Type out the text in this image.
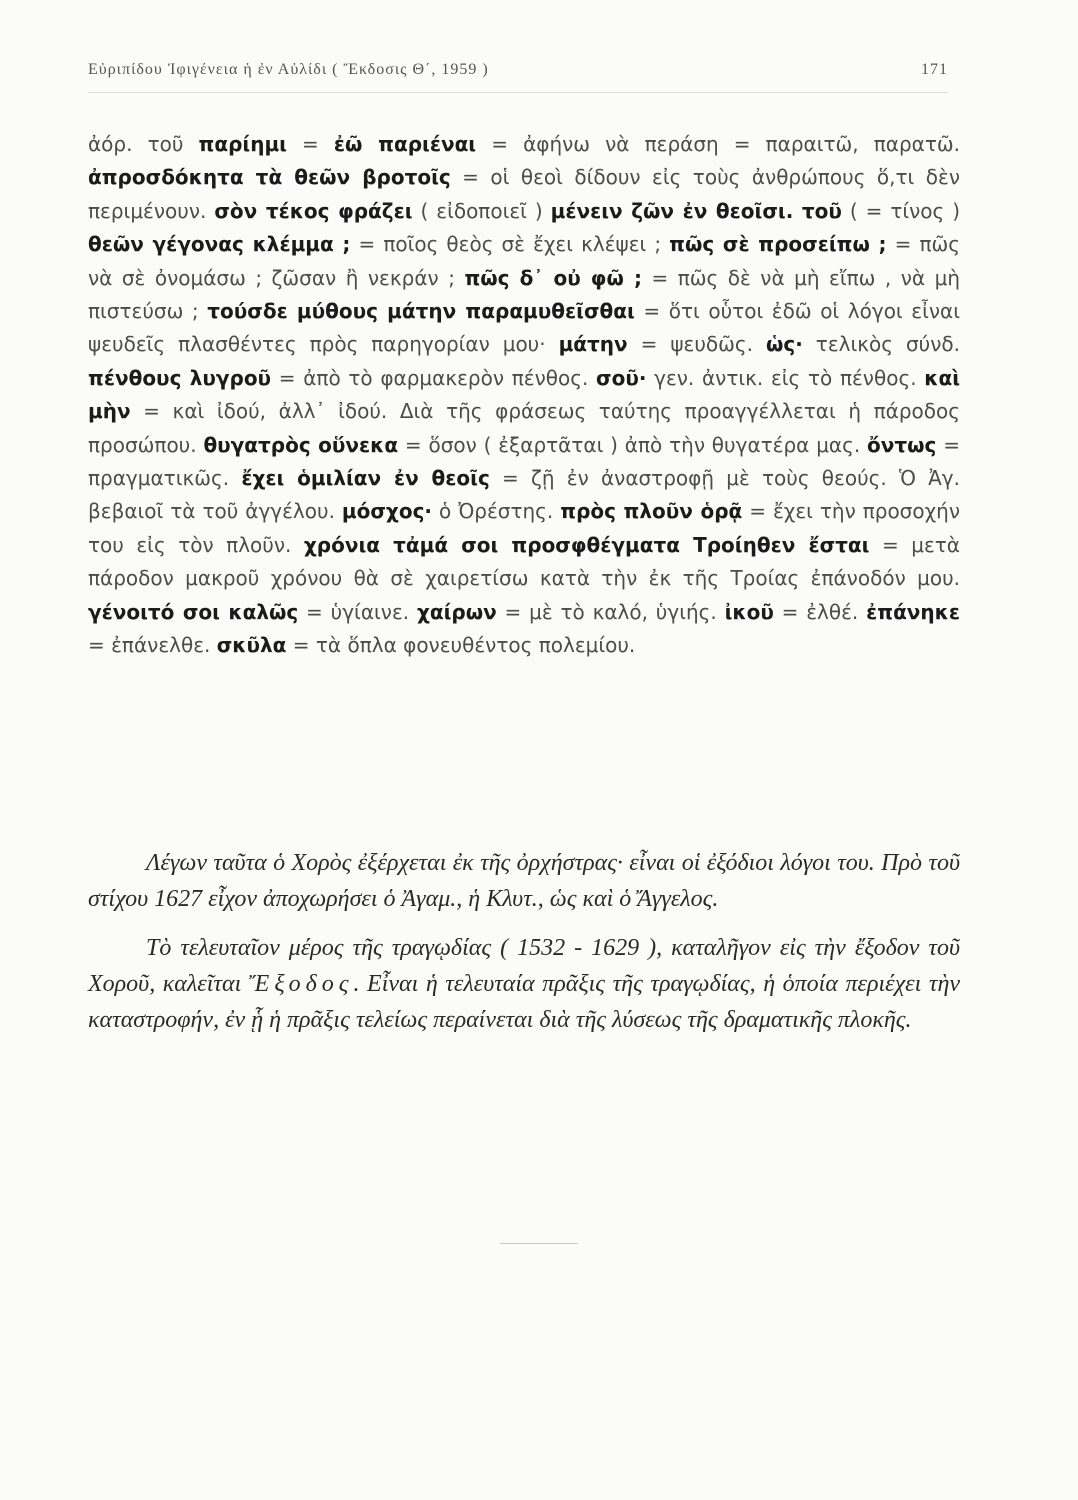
Εὐριπίδου Ἰφιγένεια ἡ ἐν Αὐλίδι ( Ἔκδοσις Θ΄, 1959 )	171
ἀόρ. τοῦ παρίημι = ἐῶ παριέναι = ἀφήνω νὰ περάση = παραιτῶ, παρατῶ. ἀπροσδόκητα τὰ θεῶν βροτοῖς = οἱ θεοὶ δίδουν εἰς τοὺς ἀνθρώπους ὅ,τι δὲν περιμένουν. σὸν τέκος φράζει ( εἰδοποιεῖ ) μένειν ζῶν ἐν θεοῖσι. τοῦ ( = τίνος ) θεῶν γέγονας κλέμμα ; = ποῖος θεὸς σὲ ἔχει κλέψει ; πῶς σὲ προσείπω ; = πῶς νὰ σὲ ὀνομάσω ; ζῶσαν ἢ νεκράν ; πῶς δ᾽ οὐ φῶ ; = πῶς δὲ νὰ μὴ εἴπω , νὰ μὴ πιστεύσω ; τούσδε μύθους μάτην παραμυθεῖσθαι = ὅτι οὗτοι ἐδῶ οἱ λόγοι εἶναι ψευδεῖς πλασθέντες πρὸς παρηγορίαν μου· μάτην = ψευδῶς. ὡς· τελικὸς σύνδ. πένθους λυγροῦ = ἀπὸ τὸ φαρμακερὸν πένθος. σοῦ· γεν. ἀντικ. εἰς τὸ πένθος. καὶ μὴν = καὶ ἰδού, ἀλλ᾽ ἰδού. Διὰ τῆς φράσεως ταύτης προαγγέλλεται ἡ πάροδος προσώπου. θυγατρὸς οὕνεκα = ὅσον ( ἐξαρτᾶται ) ἀπὸ τὴν θυγατέρα μας. ὄντως = πραγματικῶς. ἔχει ὁμιλίαν ἐν θεοῖς = ζῇ ἐν ἀναστροφῇ μὲ τοὺς θεούς. Ὁ Ἀγ. βεβαιοῖ τὰ τοῦ ἀγγέλου. μόσχος· ὁ Ὀρέστης. πρὸς πλοῦν ὁρᾷ = ἔχει τὴν προσοχήν του εἰς τὸν πλοῦν. χρόνια τἀμά σοι προσφθέγματα Τροίηθεν ἔσται = μετὰ πάροδον μακροῦ χρόνου θὰ σὲ χαιρετίσω κατὰ τὴν ἐκ τῆς Τροίας ἐπάνοδόν μου. γένοιτό σοι καλῶς = ὑγίαινε. χαίρων = μὲ τὸ καλό, ὑγιής. ἰκοῦ = ἐλθέ. ἐπάνηκε = ἐπάνελθε. σκῦλα = τὰ ὅπλα φονευθέντος πολεμίου.

Λέγων ταῦτα ὁ Χορὸς ἐξέρχεται ἐκ τῆς ὀρχήστρας· εἶναι οἱ ἐξόδιοι λόγοι του. Πρὸ τοῦ στίχου 1627 εἶχον ἀποχωρήσει ὁ Ἀγαμ., ἡ Κλυτ., ὡς καὶ ὁ Ἄγγελος.

Τὸ τελευταῖον μέρος τῆς τραγῳδίας ( 1532 - 1629 ), καταλῆγον εἰς τὴν ἔξοδον τοῦ Χοροῦ, καλεῖται Ἔξοδος. Εἶναι ἡ τελευταία πρᾶξις τῆς τραγῳδίας, ἡ ὁποία περιέχει τὴν καταστροφήν, ἐν ᾗ ἡ πρᾶξις τελείως περαίνεται διὰ τῆς λύσεως τῆς δραματικῆς πλοκῆς.
